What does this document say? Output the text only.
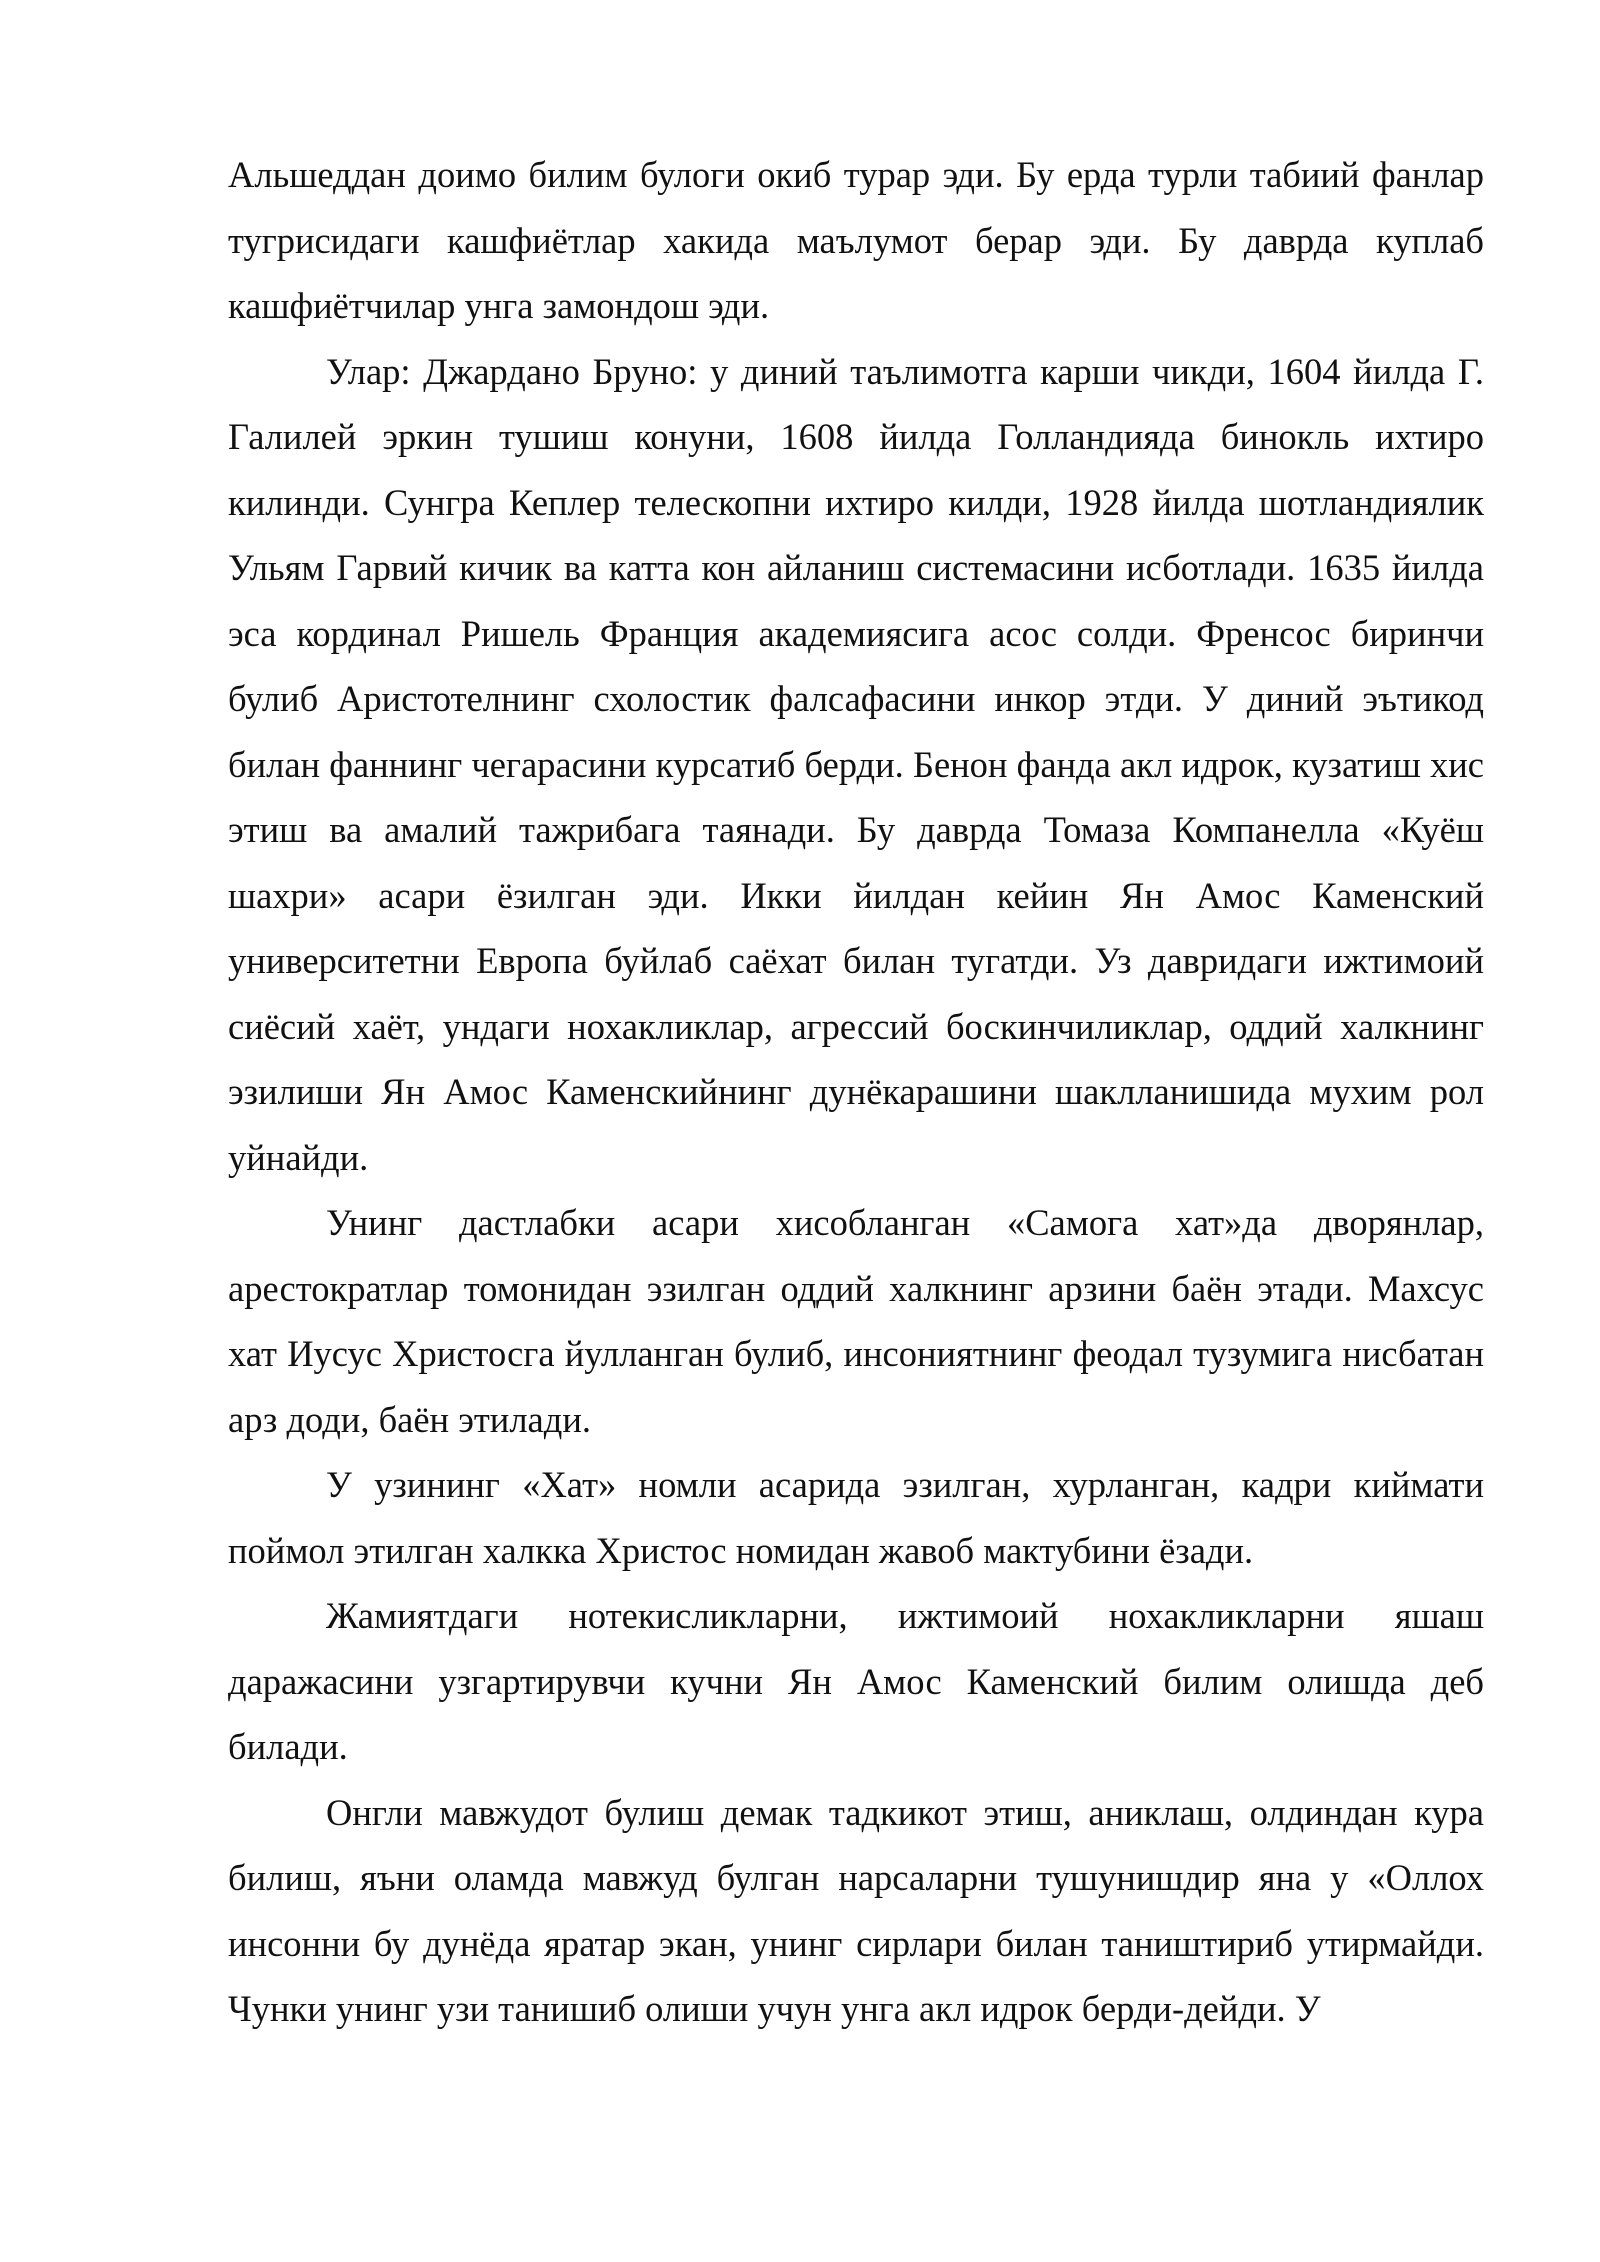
Альшеддан доимо билим булоги окиб турар эди. Бу ерда турли табиий фанлар тугрисидаги кашфиётлар хакида маълумот берар эди. Бу даврда куплаб кашфиётчилар унга замондош эди.

Улар: Джардано Бруно: у диний таълимотга карши чикди, 1604 йилда Г. Галилей эркин тушиш конуни, 1608 йилда Голландияда бинокль ихтиро килинди. Сунгра Кеплер телескопни ихтиро килди, 1928 йилда шотландиялик Ульям Гарвий кичик ва катта кон айланиш системасини исботлади. 1635 йилда эса кординал Ришель Франция академиясига асос солди. Френсос биринчи булиб Аристотелнинг схолостик фалсафасини инкор этди. У диний эътикод билан фаннинг чегарасини курсатиб берди. Бенон фанда акл идрок, кузатиш хис этиш ва амалий тажрибага таянади. Бу даврда Томаза Компанелла «Куёш шахри» асари ёзилган эди. Икки йилдан кейин Ян Амос Каменский университетни Европа буйлаб саёхат билан тугатди. Уз давридаги ижтимоий сиёсий хаёт, ундаги нохакликлар, агрессий боскинчиликлар, оддий халкнинг эзилиши Ян Амос Каменскийнинг дунёкарашини шаклланишида мухим рол уйнайди.

Унинг дастлабки асари хисобланган «Самога хат»да дворянлар, арестократлар томонидан эзилган оддий халкнинг арзини баён этади. Махсус хат Иусус Христосга йулланган булиб, инсониятнинг феодал тузумига нисбатан арз доди, баён этилади.

У узининг «Хат» номли асарида эзилган, хурланган, кадри киймати поймол этилган халкка Христос номидан жавоб мактубини ёзади.

Жамиятдаги нотекисликларни, ижтимоий нохакликларни яшаш даражасини узгартирувчи кучни Ян Амос Каменский билим олишда деб билади.

Онгли мавжудот булиш демак тадкикот этиш, аниклаш, олдиндан кура билиш, яъни оламда мавжуд булган нарсаларни тушунишдир яна у «Оллох инсонни бу дунёда яратар экан, унинг сирлари билан таништириб утирмайди. Чунки унинг узи танишиб олиши учун унга акл идрок берди-дейди. У
